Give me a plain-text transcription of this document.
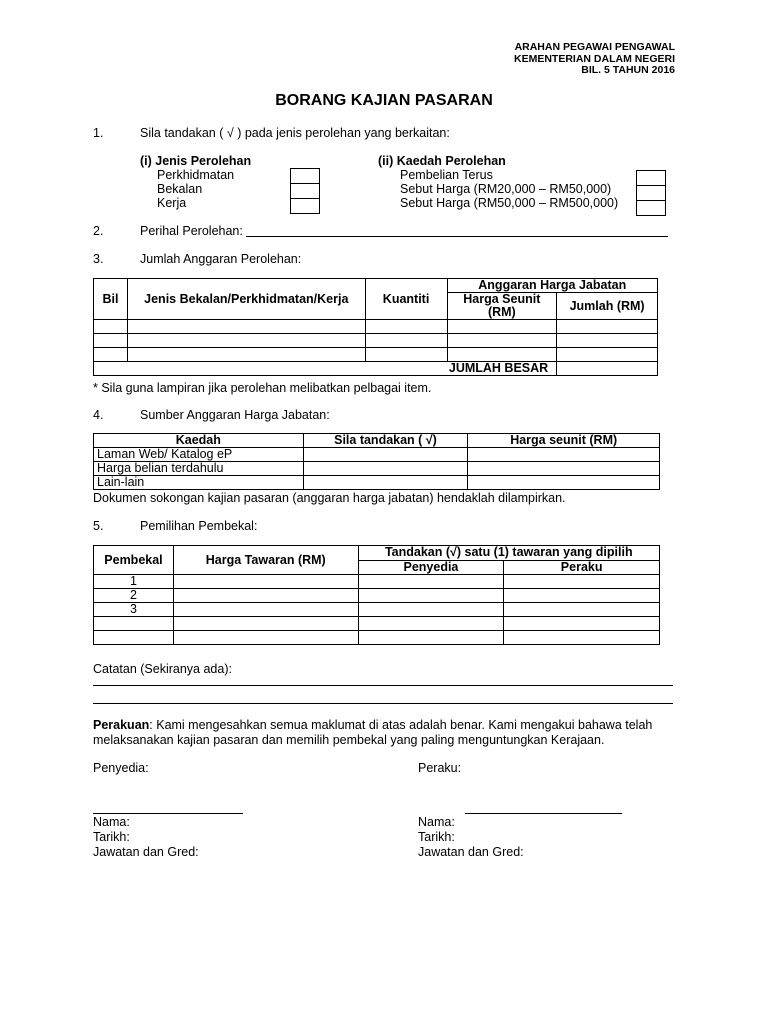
ARAHAN PEGAWAI PENGAWAL
KEMENTERIAN DALAM NEGERI
BIL. 5 TAHUN 2016
BORANG KAJIAN PASARAN
1.	Sila tandakan ( √ ) pada jenis perolehan yang berkaitan:
(i) Jenis Perolehan
Perkhidmatan
Bekalan
Kerja
(ii) Kaedah Perolehan
Pembelian Terus
Sebut Harga (RM20,000 – RM50,000)
Sebut Harga (RM50,000 – RM500,000)
2.	Perihal Perolehan:
3.	Jumlah Anggaran Perolehan:
Bil	Jenis Bekalan/Perkhidmatan/Kerja	Kuantiti	Anggaran Harga Jabatan	
			Harga Seunit (RM)	Jumlah (RM)

JUMLAH BESAR				
* Sila guna lampiran jika perolehan melibatkan pelbagai item.
4.	Sumber Anggaran Harga Jabatan:
Kaedah	Sila tandakan ( √)	Harga seunit (RM)
Laman Web/ Katalog eP		
Harga belian terdahulu		
Lain-lain		
Dokumen sokongan kajian pasaran (anggaran harga jabatan) hendaklah dilampirkan.
5.	Pemilihan Pembekal:
Pembekal	Harga Tawaran (RM)	Tandakan (√) satu (1) tawaran yang dipilih	
		Penyedia	Peraku
1			
2			
3			

Catatan (Sekiranya ada):
Perakuan: Kami mengesahkan semua maklumat di atas adalah benar. Kami mengakui bahawa telah melaksanakan kajian pasaran dan memilih pembekal yang paling menguntungkan Kerajaan.
Penyedia:	Peraku:
Nama:
Tarikh:
Jawatan dan Gred:
Nama:
Tarikh:
Jawatan dan Gred:
